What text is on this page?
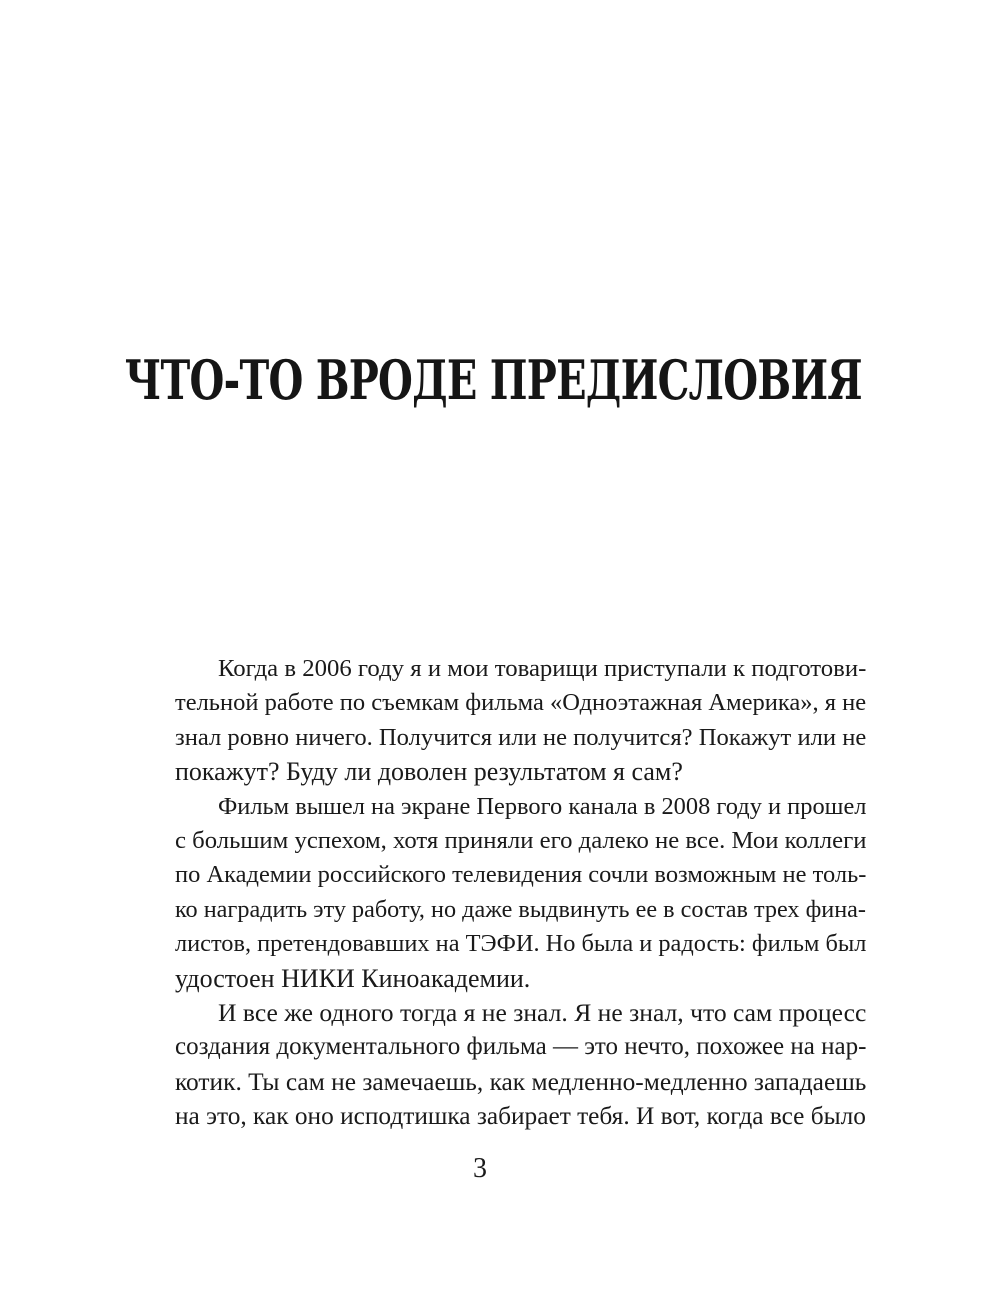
ЧТО-ТО ВРОДЕ ПРЕДИСЛОВИЯ

Когда в 2006 году я и мои товарищи приступали к подготови-
тельной работе по съемкам фильма «Одноэтажная Америка», я не
знал ровно ничего. Получится или не получится? Покажут или не
покажут? Буду ли доволен результатом я сам?

Фильм вышел на экране Первого канала в 2008 году и прошел
с большим успехом, хотя приняли его далеко не все. Мои коллеги
по Академии российского телевидения сочли возможным не толь-
ко наградить эту работу, но даже выдвинуть ее в состав трех фина-
листов, претендовавших на ТЭФИ. Но была и радость: фильм был
удостоен НИКИ Киноакадемии.

И все же одного тогда я не знал. Я не знал, что сам процесс
создания документального фильма — это нечто, похожее на нар-
котик. Ты сам не замечаешь, как медленно-медленно западаешь
на это, как оно исподтишка забирает тебя. И вот, когда все было

3
